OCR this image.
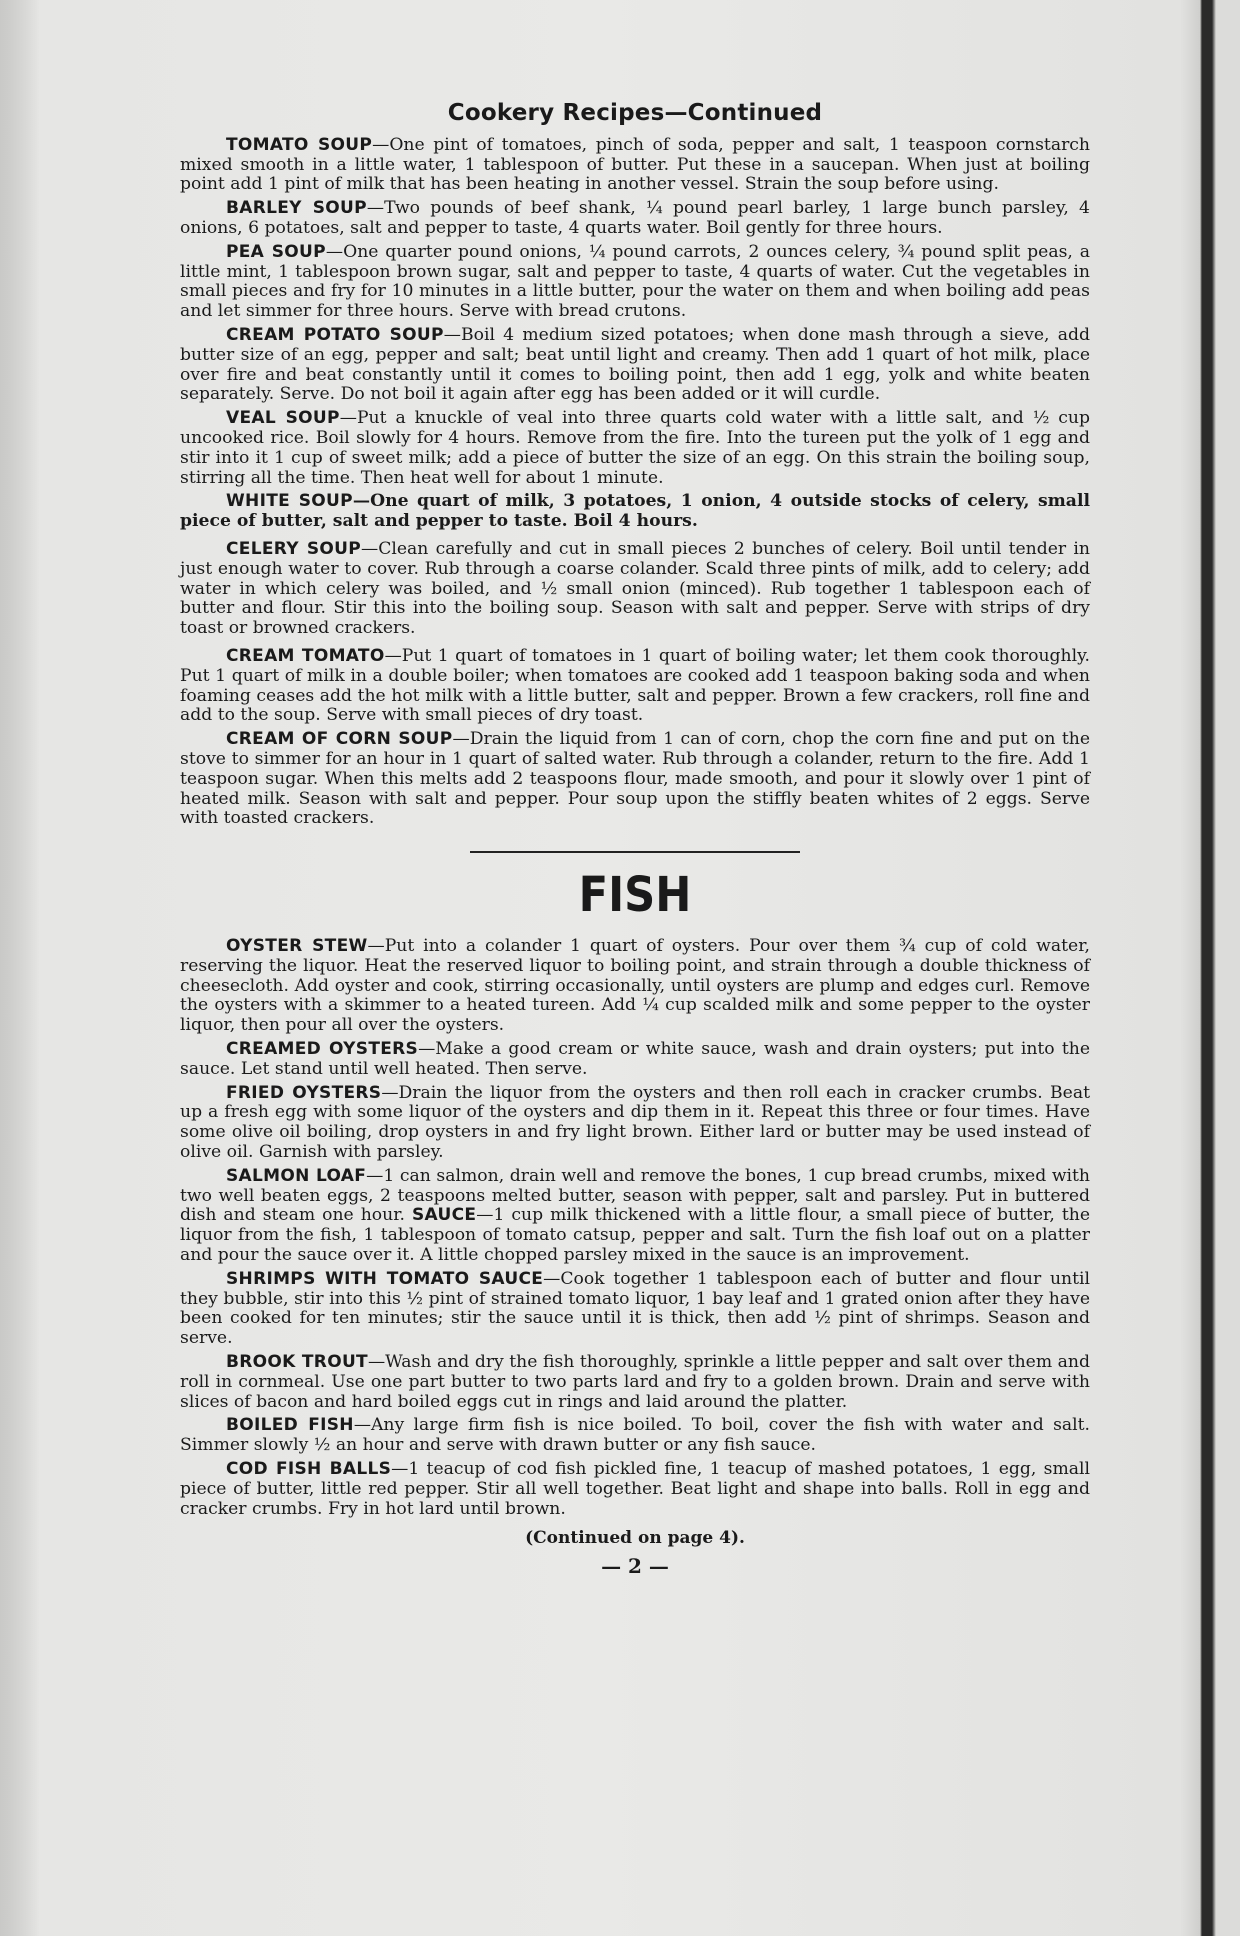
Cookery Recipes—Continued

TOMATO SOUP—One pint of tomatoes, pinch of soda, pepper and salt, 1 teaspoon cornstarch mixed smooth in a little water, 1 tablespoon of butter. Put these in a saucepan. When just at boiling point add 1 pint of milk that has been heating in another vessel. Strain the soup before using.

BARLEY SOUP—Two pounds of beef shank, ¼ pound pearl barley, 1 large bunch parsley, 4 onions, 6 potatoes, salt and pepper to taste, 4 quarts water. Boil gently for three hours.

PEA SOUP—One quarter pound onions, ¼ pound carrots, 2 ounces celery, ¾ pound split peas, a little mint, 1 tablespoon brown sugar, salt and pepper to taste, 4 quarts of water. Cut the vegetables in small pieces and fry for 10 minutes in a little butter, pour the water on them and when boiling add peas and let simmer for three hours. Serve with bread crutons.

CREAM POTATO SOUP—Boil 4 medium sized potatoes; when done mash through a sieve, add butter size of an egg, pepper and salt; beat until light and creamy. Then add 1 quart of hot milk, place over fire and beat constantly until it comes to boiling point, then add 1 egg, yolk and white beaten separately. Serve. Do not boil it again after egg has been added or it will curdle.

VEAL SOUP—Put a knuckle of veal into three quarts cold water with a little salt, and ½ cup uncooked rice. Boil slowly for 4 hours. Remove from the fire. Into the tureen put the yolk of 1 egg and stir into it 1 cup of sweet milk; add a piece of butter the size of an egg. On this strain the boiling soup, stirring all the time. Then heat well for about 1 minute.

WHITE SOUP—One quart of milk, 3 potatoes, 1 onion, 4 outside stocks of celery, small piece of butter, salt and pepper to taste. Boil 4 hours.

CELERY SOUP—Clean carefully and cut in small pieces 2 bunches of celery. Boil until tender in just enough water to cover. Rub through a coarse colander. Scald three pints of milk, add to celery; add water in which celery was boiled, and ½ small onion (minced). Rub together 1 tablespoon each of butter and flour. Stir this into the boiling soup. Season with salt and pepper. Serve with strips of dry toast or browned crackers.

CREAM TOMATO—Put 1 quart of tomatoes in 1 quart of boiling water; let them cook thoroughly. Put 1 quart of milk in a double boiler; when tomatoes are cooked add 1 teaspoon baking soda and when foaming ceases add the hot milk with a little butter, salt and pepper. Brown a few crackers, roll fine and add to the soup. Serve with small pieces of dry toast.

CREAM OF CORN SOUP—Drain the liquid from 1 can of corn, chop the corn fine and put on the stove to simmer for an hour in 1 quart of salted water. Rub through a colander, return to the fire. Add 1 teaspoon sugar. When this melts add 2 teaspoons flour, made smooth, and pour it slowly over 1 pint of heated milk. Season with salt and pepper. Pour soup upon the stiffly beaten whites of 2 eggs. Serve with toasted crackers.

FISH

OYSTER STEW—Put into a colander 1 quart of oysters. Pour over them ¾ cup of cold water, reserving the liquor. Heat the reserved liquor to boiling point, and strain through a double thickness of cheesecloth. Add oyster and cook, stirring occasionally, until oysters are plump and edges curl. Remove the oysters with a skimmer to a heated tureen. Add ¼ cup scalded milk and some pepper to the oyster liquor, then pour all over the oysters.

CREAMED OYSTERS—Make a good cream or white sauce, wash and drain oysters; put into the sauce. Let stand until well heated. Then serve.

FRIED OYSTERS—Drain the liquor from the oysters and then roll each in cracker crumbs. Beat up a fresh egg with some liquor of the oysters and dip them in it. Repeat this three or four times. Have some olive oil boiling, drop oysters in and fry light brown. Either lard or butter may be used instead of olive oil. Garnish with parsley.

SALMON LOAF—1 can salmon, drain well and remove the bones, 1 cup bread crumbs, mixed with two well beaten eggs, 2 teaspoons melted butter, season with pepper, salt and parsley. Put in buttered dish and steam one hour. SAUCE—1 cup milk thickened with a little flour, a small piece of butter, the liquor from the fish, 1 tablespoon of tomato catsup, pepper and salt. Turn the fish loaf out on a platter and pour the sauce over it. A little chopped parsley mixed in the sauce is an improvement.

SHRIMPS WITH TOMATO SAUCE—Cook together 1 tablespoon each of butter and flour until they bubble, stir into this ½ pint of strained tomato liquor, 1 bay leaf and 1 grated onion after they have been cooked for ten minutes; stir the sauce until it is thick, then add ½ pint of shrimps. Season and serve.

BROOK TROUT—Wash and dry the fish thoroughly, sprinkle a little pepper and salt over them and roll in cornmeal. Use one part butter to two parts lard and fry to a golden brown. Drain and serve with slices of bacon and hard boiled eggs cut in rings and laid around the platter.

BOILED FISH—Any large firm fish is nice boiled. To boil, cover the fish with water and salt. Simmer slowly ½ an hour and serve with drawn butter or any fish sauce.

COD FISH BALLS—1 teacup of cod fish pickled fine, 1 teacup of mashed potatoes, 1 egg, small piece of butter, little red pepper. Stir all well together. Beat light and shape into balls. Roll in egg and cracker crumbs. Fry in hot lard until brown.

(Continued on page 4).
— 2 —
